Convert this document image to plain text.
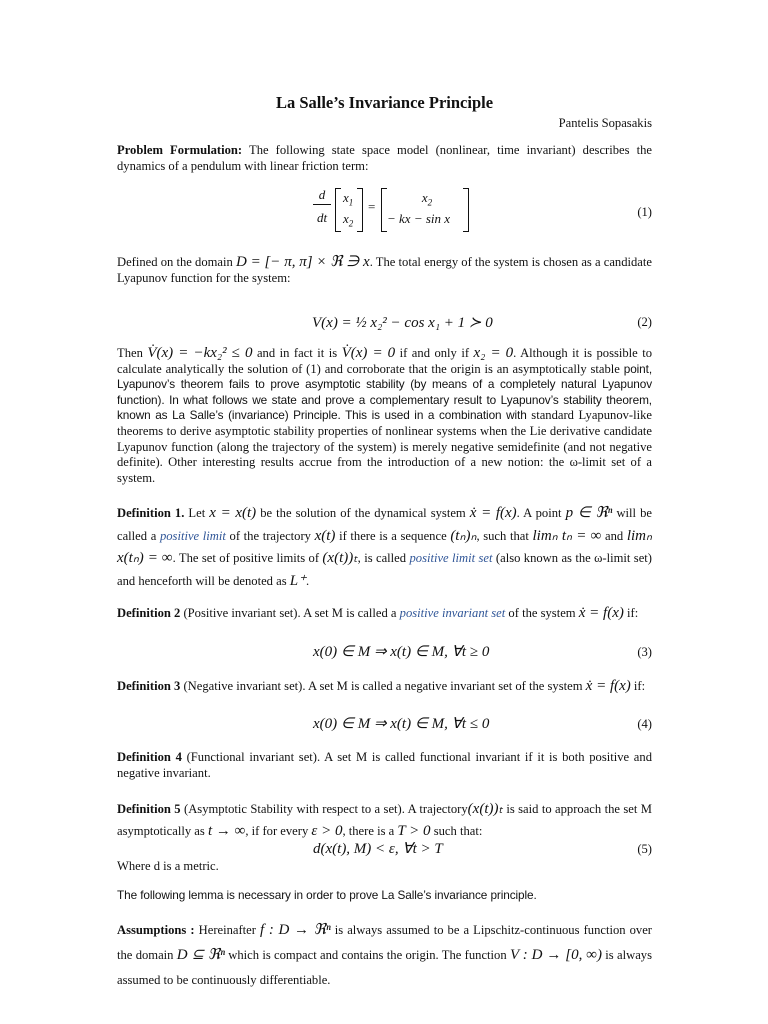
La Salle’s Invariance Principle
Pantelis Sopasakis
Problem Formulation: The following state space model (nonlinear, time invariant) describes the dynamics of a pendulum with linear friction term:
d
dt
$x_1$
$x_2$
=
$x_2$
− kx − sin x	(1)
Defined on the domain D = [− π, π] × ℜ ∋ x. The total energy of the system is chosen as a candidate Lyapunov function for the system:
V(x) = ½ x₂² − cos x₁ + 1 ≻ 0	(2)
Then V̇(x) = −kx₂² ≤ 0 and in fact it is V̇(x) = 0 if and only if x₂ = 0. Although it is possible to calculate analytically the solution of (1) and corroborate that the origin is an asymptotically stable point, Lyapunov’s theorem fails to prove asymptotic stability (by means of a completely natural Lyapunov function). In what follows we state and prove a complementary result to Lyapunov’s stability theorem, known as La Salle’s (invariance) Principle. This is used in a combination with standard Lyapunov-like theorems to derive asymptotic stability properties of nonlinear systems when the Lie derivative candidate Lyapunov function (along the trajectory of the system) is merely negative semidefinite (and not negative definite). Other interesting results accrue from the introduction of a new notion: the ω-limit set of a system.
Definition 1. Let x = x(t) be the solution of the dynamical system ẋ = f(x). A point p ∈ ℜⁿ will be called a positive limit of the trajectory x(t) if there is a sequence (tₙ)ₙ, such that limₙ tₙ = ∞ and limₙ x(tₙ) = ∞. The set of positive limits of (x(t))ₜ, is called positive limit set (also known as the ω-limit set) and henceforth will be denoted as L⁺.
Definition 2 (Positive invariant set). A set M is called a positive invariant set of the system ẋ = f(x) if:
x(0) ∈ M ⇒ x(t) ∈ M, ∀t ≥ 0	(3)
Definition 3 (Negative invariant set). A set M is called a negative invariant set of the system ẋ = f(x) if:
x(0) ∈ M ⇒ x(t) ∈ M, ∀t ≤ 0	(4)
Definition 4 (Functional invariant set). A set M is called functional invariant if it is both positive and negative invariant.
Definition 5 (Asymptotic Stability with respect to a set). A trajectory(x(t))ₜ is said to approach the set M asymptotically as t → ∞, if for every ε > 0, there is a T > 0 such that:
d(x(t), M) < ε, ∀t > T	(5)
Where d is a metric.
The following lemma is necessary in order to prove La Salle’s invariance principle.
Assumptions : Hereinafter f : D → ℜⁿ is always assumed to be a Lipschitz-continuous function over the domain D ⊆ ℜⁿ which is compact and contains the origin. The function V : D → [0, ∞) is always assumed to be continuously differentiable.
